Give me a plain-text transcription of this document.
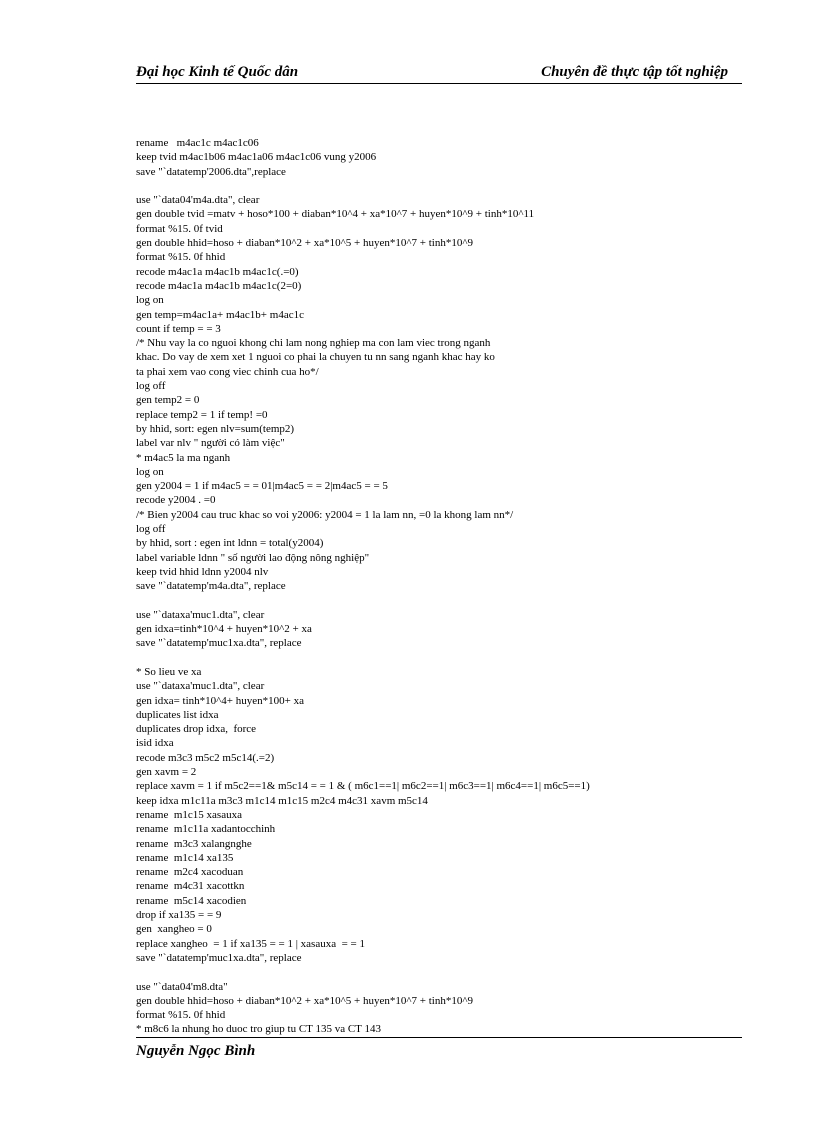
Đại học Kinh tế Quốc dân	Chuyên đề thực tập tốt nghiệp
rename   m4ac1c m4ac1c06
keep tvid m4ac1b06 m4ac1a06 m4ac1c06 vung y2006
save "`datatemp'2006.dta",replace
use "`data04'm4a.dta", clear
gen double tvid =matv + hoso*100 + diaban*10^4 + xa*10^7 + huyen*10^9 + tinh*10^11
format %15. 0f tvid
gen double hhid=hoso + diaban*10^2 + xa*10^5 + huyen*10^7 + tinh*10^9
format %15. 0f hhid
recode m4ac1a m4ac1b m4ac1c(.=0)
recode m4ac1a m4ac1b m4ac1c(2=0)
log on
gen temp=m4ac1a+ m4ac1b+ m4ac1c
count if temp = = 3
/* Nhu vay la co nguoi khong chi lam nong nghiep ma con lam viec trong nganh
khac. Do vay de xem xet 1 nguoi co phai la chuyen tu nn sang nganh khac hay ko
ta phai xem vao cong viec chinh cua ho*/
log off
gen temp2 = 0
replace temp2 = 1 if temp! =0
by hhid, sort: egen nlv=sum(temp2)
label var nlv " người có làm việc"
* m4ac5 la ma nganh
log on
gen y2004 = 1 if m4ac5 = = 01|m4ac5 = = 2|m4ac5 = = 5
recode y2004 . =0
/* Bien y2004 cau truc khac so voi y2006: y2004 = 1 la lam nn, =0 la khong lam nn*/
log off
by hhid, sort : egen int ldnn = total(y2004)
label variable ldnn " số người lao động nông nghiệp"
keep tvid hhid ldnn y2004 nlv
save "`datatemp'm4a.dta", replace
use "`dataxa'muc1.dta", clear
gen idxa=tinh*10^4 + huyen*10^2 + xa
save "`datatemp'muc1xa.dta", replace
* So lieu ve xa
use "`dataxa'muc1.dta", clear
gen idxa= tinh*10^4+ huyen*100+ xa
duplicates list idxa
duplicates drop idxa,  force
isid idxa
recode m3c3 m5c2 m5c14(.=2)
gen xavm = 2
replace xavm = 1 if m5c2==1& m5c14 = = 1 & ( m6c1==1| m6c2==1| m6c3==1| m6c4==1| m6c5==1)
keep idxa m1c11a m3c3 m1c14 m1c15 m2c4 m4c31 xavm m5c14
rename  m1c15 xasauxa
rename  m1c11a xadantocchinh
rename  m3c3 xalangnghe
rename  m1c14 xa135
rename  m2c4 xacoduan
rename  m4c31 xacottkn
rename  m5c14 xacodien
drop if xa135 = = 9
gen  xangheo = 0
replace xangheo  = 1 if xa135 = = 1 | xasauxa  = = 1
save "`datatemp'muc1xa.dta", replace
use "`data04'm8.dta"
gen double hhid=hoso + diaban*10^2 + xa*10^5 + huyen*10^7 + tinh*10^9
format %15. 0f hhid
* m8c6 la nhung ho duoc tro giup tu CT 135 va CT 143
Nguyễn Ngọc Bình
